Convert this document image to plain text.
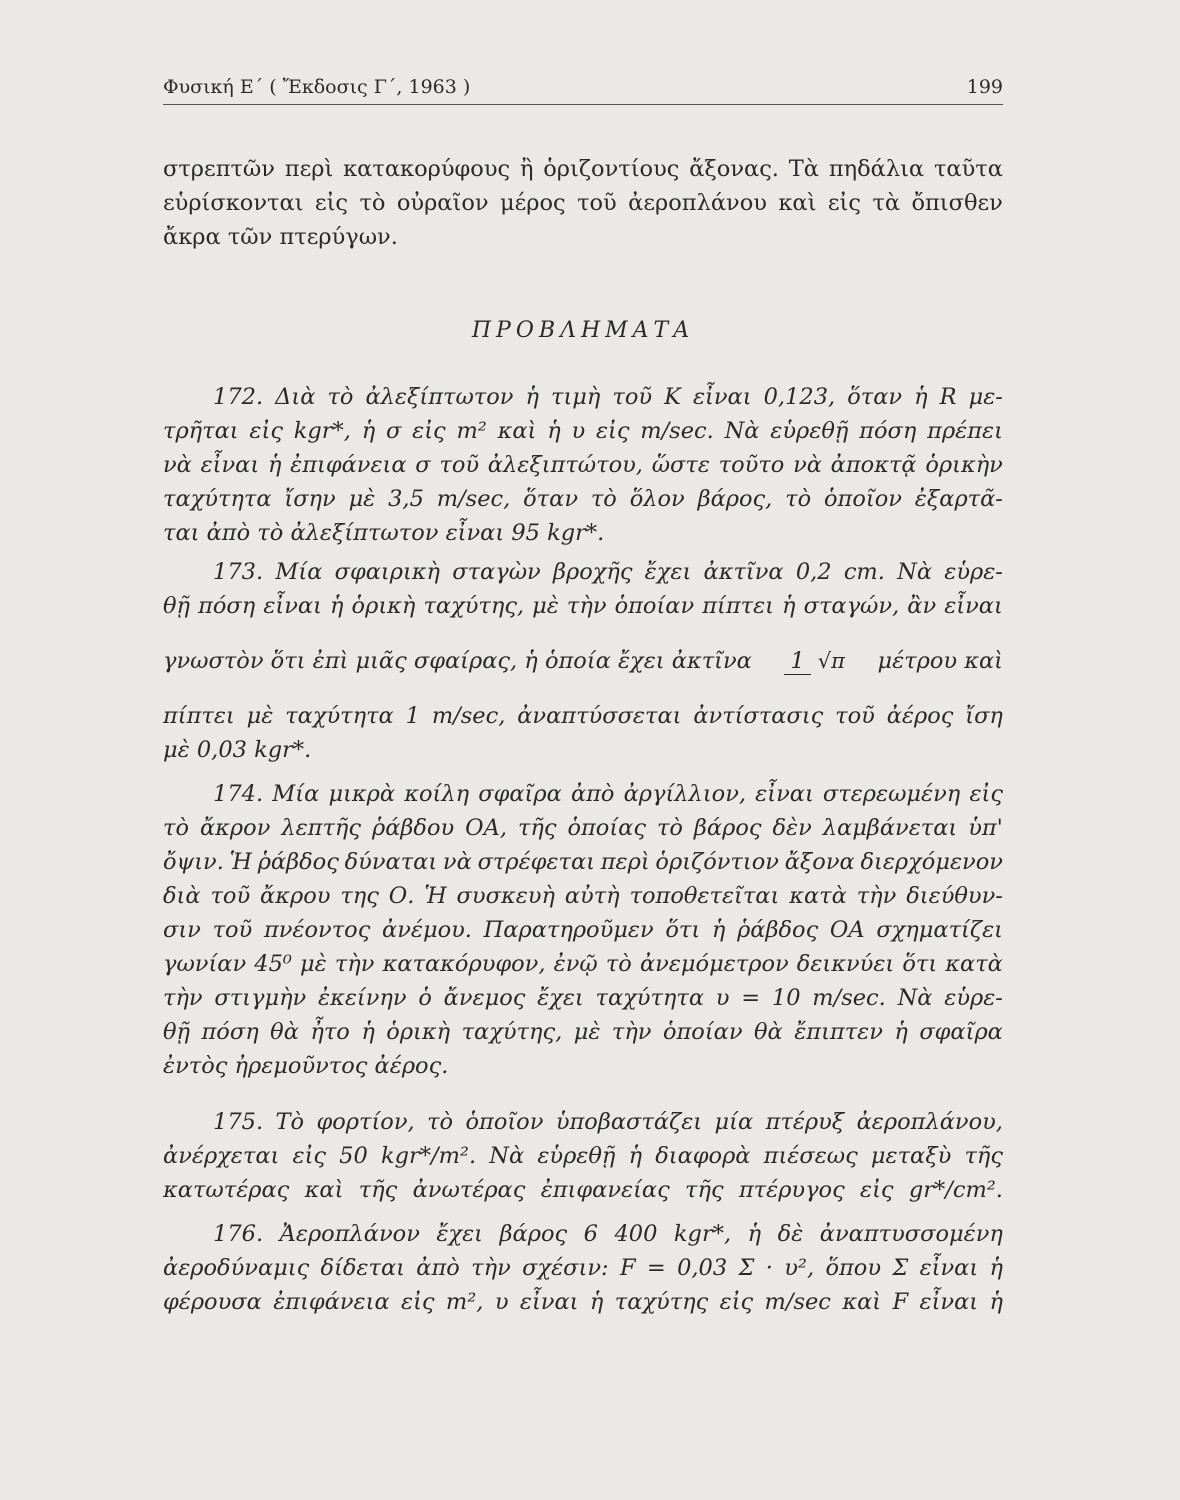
Φυσική Ε΄ ( Ἔκδοσις Γ΄, 1963 )	199
στρεπτῶν περὶ κατακορύφους ἢ ὁριζοντίους ἄξονας. Τὰ πηδάλια ταῦτα
εὑρίσκονται εἰς τὸ οὐραῖον μέρος τοῦ ἀεροπλάνου καὶ εἰς τὰ ὄπισθεν
ἄκρα τῶν πτερύγων.
ΠΡΟΒΛΗΜΑΤΑ
172. Διὰ τὸ ἀλεξίπτωτον ἡ τιμὴ τοῦ Κ εἶναι 0,123, ὅταν ἡ R με-
τρῆται εἰς kgr*, ἡ σ εἰς m² καὶ ἡ υ εἰς m/sec. Νὰ εὑρεθῇ πόση πρέπει
νὰ εἶναι ἡ ἐπιφάνεια σ τοῦ ἀλεξιπτώτου, ὥστε τοῦτο νὰ ἀποκτᾷ ὁρικὴν
ταχύτητα ἴσην μὲ 3,5 m/sec, ὅταν τὸ ὅλον βάρος, τὸ ὁποῖον ἐξαρτᾶ-
ται ἀπὸ τὸ ἀλεξίπτωτον εἶναι 95 kgr*.
173. Μία σφαιρικὴ σταγὼν βροχῆς ἔχει ἀκτῖνα 0,2 cm. Νὰ εὑρε-
θῇ πόση εἶναι ἡ ὁρικὴ ταχύτης, μὲ τὴν ὁποίαν πίπτει ἡ σταγών, ἂν εἶναι
γνωστὸν ὅτι ἐπὶ μιᾶς σφαίρας, ἡ ὁποία ἔχει ἀκτῖνα 1 √π μέτρου καὶ
πίπτει μὲ ταχύτητα 1 m/sec, ἀναπτύσσεται ἀντίστασις τοῦ ἀέρος ἴση
μὲ 0,03 kgr*.
174. Μία μικρὰ κοίλη σφαῖρα ἀπὸ ἀργίλλιον, εἶναι στερεωμένη εἰς
τὸ ἄκρον λεπτῆς ῥάβδου ΟΑ, τῆς ὁποίας τὸ βάρος δὲν λαμβάνεται ὑπ'
ὄψιν. Ἡ ῥάβδος δύναται νὰ στρέφεται περὶ ὁριζόντιον ἄξονα διερχόμενον
διὰ τοῦ ἄκρου της Ο. Ἡ συσκευὴ αὐτὴ τοποθετεῖται κατὰ τὴν διεύθυν-
σιν τοῦ πνέοντος ἀνέμου. Παρατηροῦμεν ὅτι ἡ ῥάβδος ΟΑ σχηματίζει
γωνίαν 45⁰ μὲ τὴν κατακόρυφον, ἐνῷ τὸ ἀνεμόμετρον δεικνύει ὅτι κατὰ
τὴν στιγμὴν ἐκείνην ὁ ἄνεμος ἔχει ταχύτητα υ = 10 m/sec. Νὰ εὑρε-
θῇ πόση θὰ ἦτο ἡ ὁρικὴ ταχύτης, μὲ τὴν ὁποίαν θὰ ἔπιπτεν ἡ σφαῖρα
ἐντὸς ἠρεμοῦντος ἀέρος.
175. Τὸ φορτίον, τὸ ὁποῖον ὑποβαστάζει μία πτέρυξ ἀεροπλάνου,
ἀνέρχεται εἰς 50 kgr*/m². Νὰ εὑρεθῇ ἡ διαφορὰ πιέσεως μεταξὺ τῆς
κατωτέρας καὶ τῆς ἀνωτέρας ἐπιφανείας τῆς πτέρυγος εἰς gr*/cm².
176. Ἀεροπλάνον ἔχει βάρος 6 400 kgr*, ἡ δὲ ἀναπτυσσομένη
ἀεροδύναμις δίδεται ἀπὸ τὴν σχέσιν: F = 0,03 Σ · υ², ὅπου Σ εἶναι ἡ
φέρουσα ἐπιφάνεια εἰς m², υ εἶναι ἡ ταχύτης εἰς m/sec καὶ F εἶναι ἡ
